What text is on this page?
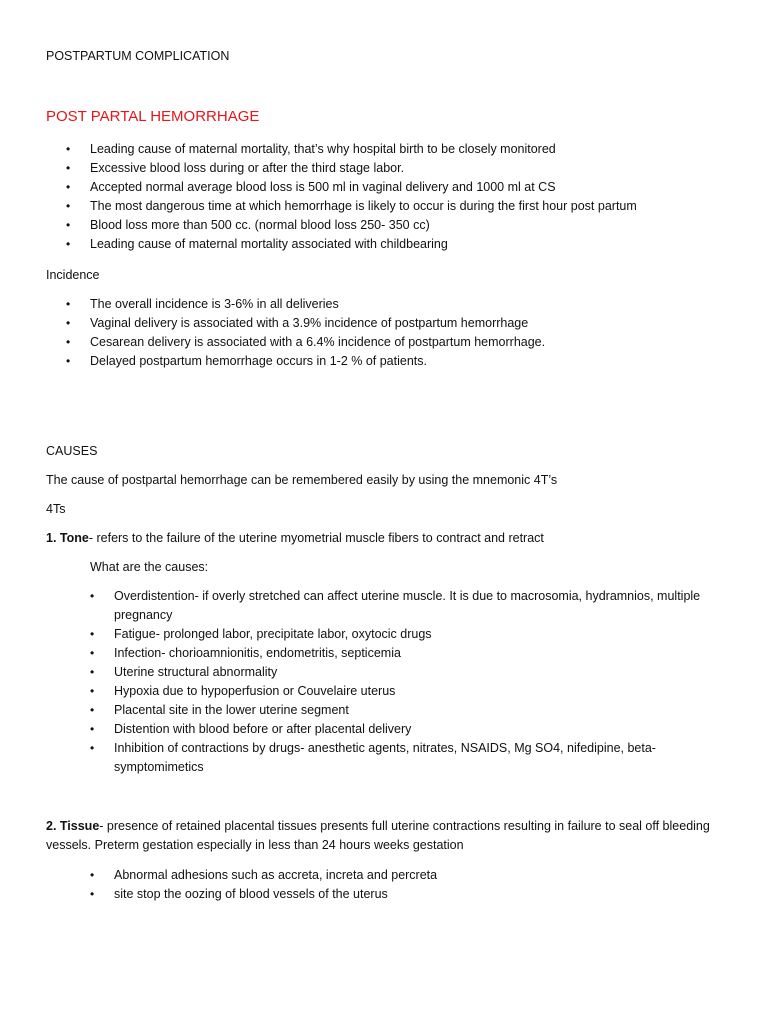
POSTPARTUM COMPLICATION
POST PARTAL HEMORRHAGE
• Leading cause of maternal mortality, that’s why hospital birth to be closely monitored
• Excessive blood loss during or after the third stage labor.
• Accepted normal average blood loss is 500 ml in vaginal delivery and 1000 ml at CS
• The most dangerous time at which hemorrhage is likely to occur is during the first hour post partum
• Blood loss more than 500 cc. (normal blood loss 250- 350 cc)
• Leading cause of maternal mortality associated with childbearing
Incidence
• The overall incidence is 3-6% in all deliveries
• Vaginal delivery is associated with a 3.9% incidence of postpartum hemorrhage
• Cesarean delivery is associated with a 6.4% incidence of postpartum hemorrhage.
• Delayed postpartum hemorrhage occurs in 1-2 % of patients.
CAUSES
The cause of postpartal hemorrhage can be remembered easily by using the mnemonic 4T’s
4Ts
1. Tone- refers to the failure of the uterine myometrial muscle fibers to contract and retract
What are the causes:
• Overdistention- if overly stretched can affect uterine muscle. It is due to macrosomia, hydramnios, multiple pregnancy
• Fatigue- prolonged labor, precipitate labor, oxytocic drugs
• Infection- chorioamnionitis, endometritis, septicemia
• Uterine structural abnormality
• Hypoxia due to hypoperfusion or Couvelaire uterus
• Placental site in the lower uterine segment
• Distention with blood before or after placental delivery
• Inhibition of contractions by drugs- anesthetic agents, nitrates, NSAIDS, Mg SO4, nifedipine, beta-symptomimetics
2. Tissue- presence of retained placental tissues presents full uterine contractions resulting in failure to seal off bleeding vessels. Preterm gestation especially in less than 24 hours weeks gestation
• Abnormal adhesions such as accreta, increta and percreta
• site stop the oozing of blood vessels of the uterus
